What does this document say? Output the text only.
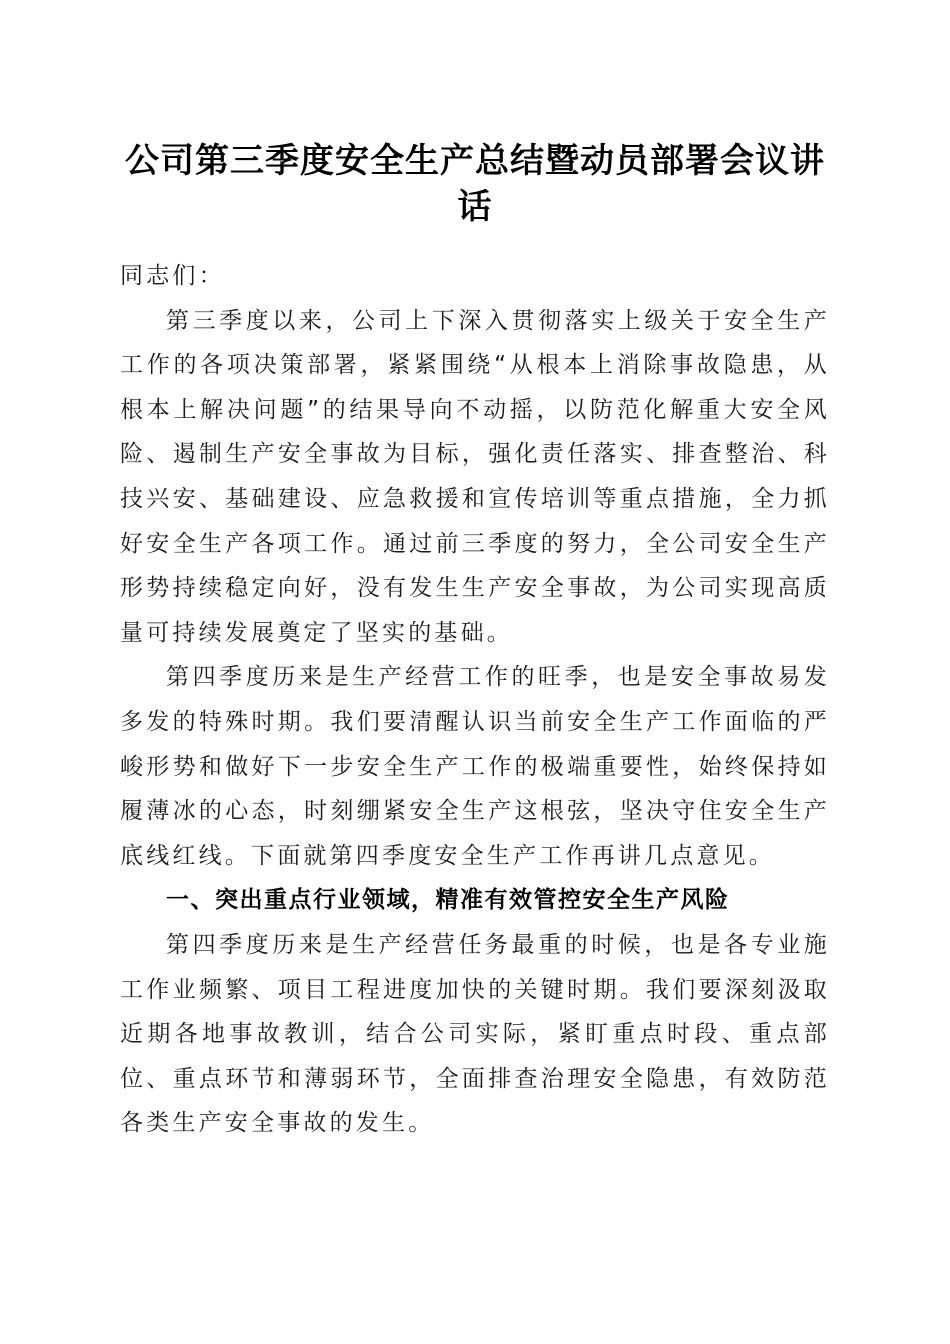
公司第三季度安全生产总结暨动员部署会议讲话

同志们：

第三季度以来，公司上下深入贯彻落实上级关于安全生产工作的各项决策部署，紧紧围绕“从根本上消除事故隐患，从根本上解决问题”的结果导向不动摇，以防范化解重大安全风险、遏制生产安全事故为目标，强化责任落实、排查整治、科技兴安、基础建设、应急救援和宣传培训等重点措施，全力抓好安全生产各项工作。通过前三季度的努力，全公司安全生产形势持续稳定向好，没有发生生产安全事故，为公司实现高质量可持续发展奠定了坚实的基础。

第四季度历来是生产经营工作的旺季，也是安全事故易发多发的特殊时期。我们要清醒认识当前安全生产工作面临的严峻形势和做好下一步安全生产工作的极端重要性，始终保持如履薄冰的心态，时刻绷紧安全生产这根弦，坚决守住安全生产底线红线。下面就第四季度安全生产工作再讲几点意见。

一、突出重点行业领域，精准有效管控安全生产风险

第四季度历来是生产经营任务最重的时候，也是各专业施工作业频繁、项目工程进度加快的关键时期。我们要深刻汲取近期各地事故教训，结合公司实际，紧盯重点时段、重点部位、重点环节和薄弱环节，全面排查治理安全隐患，有效防范各类生产安全事故的发生。
